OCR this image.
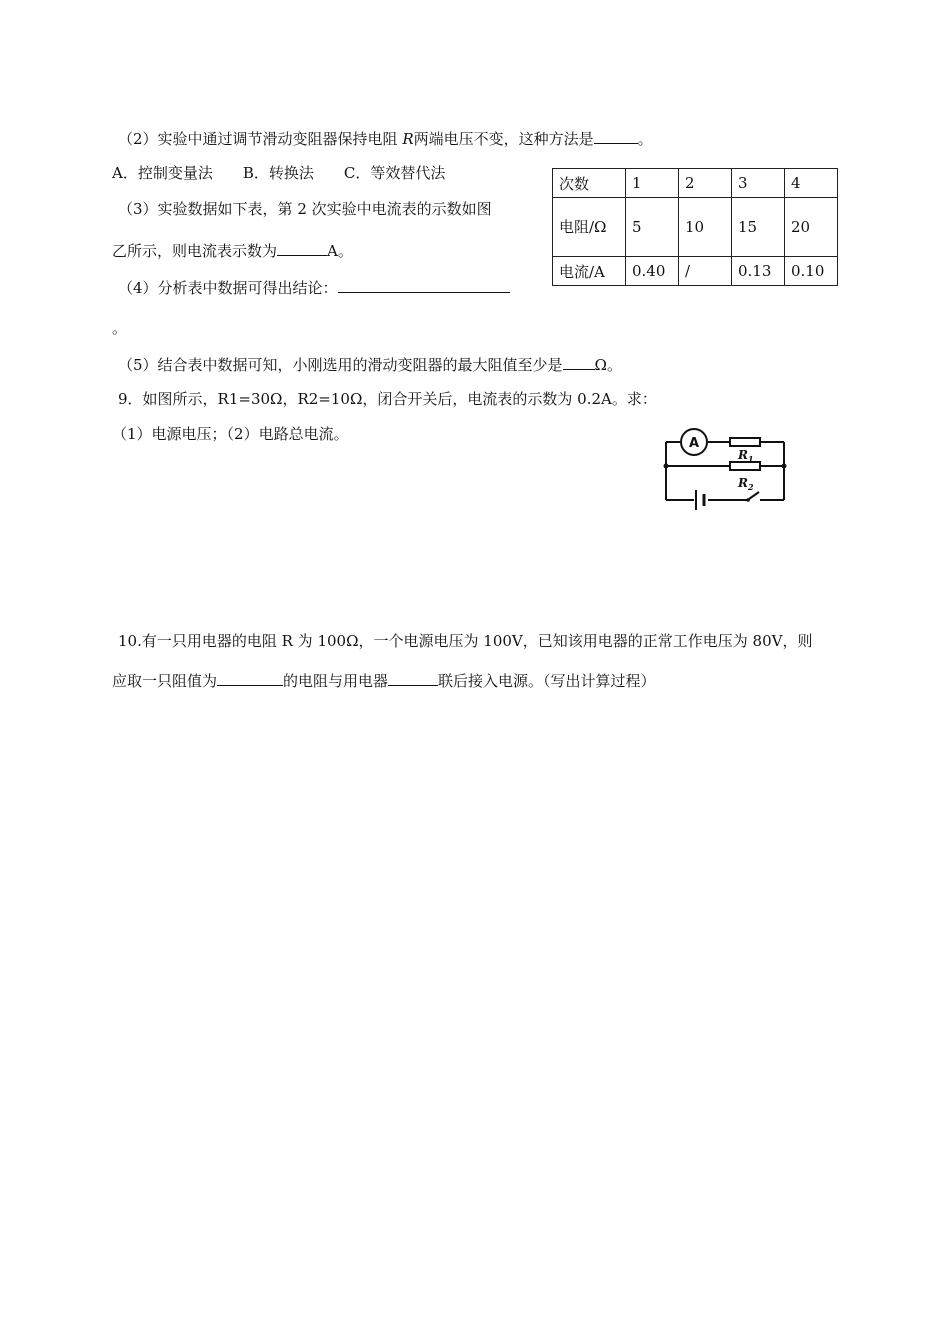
（2）实验中通过调节滑动变阻器保持电阻 R两端电压不变，这种方法是	。
A．控制变量法 B．转换法 C．等效替代法
（3）实验数据如下表，第 2 次实验中电流表的示数如图
乙所示，则电流表示数为	A。
（4）分析表中数据可得出结论：
。
（5）结合表中数据可知，小刚选用的滑动变阻器的最大阻值至少是 Ω。
次数	1	2	3	4
电阻/Ω	5	10	15	20
电流/A	0.40	/	0.13	0.10
9．如图所示，R1=30Ω，R2=10Ω，闭合开关后，电流表的示数为 0.2A。求：
（1）电源电压；（2）电路总电流。
A
$R_1$
$R_2$
10.有一只用电器的电阻 R 为 100Ω，一个电源电压为 100V，已知该用电器的正常工作电压为 80V，则
应取一只阻值为	的电阻与用电器	联后接入电源。（写出计算过程）
